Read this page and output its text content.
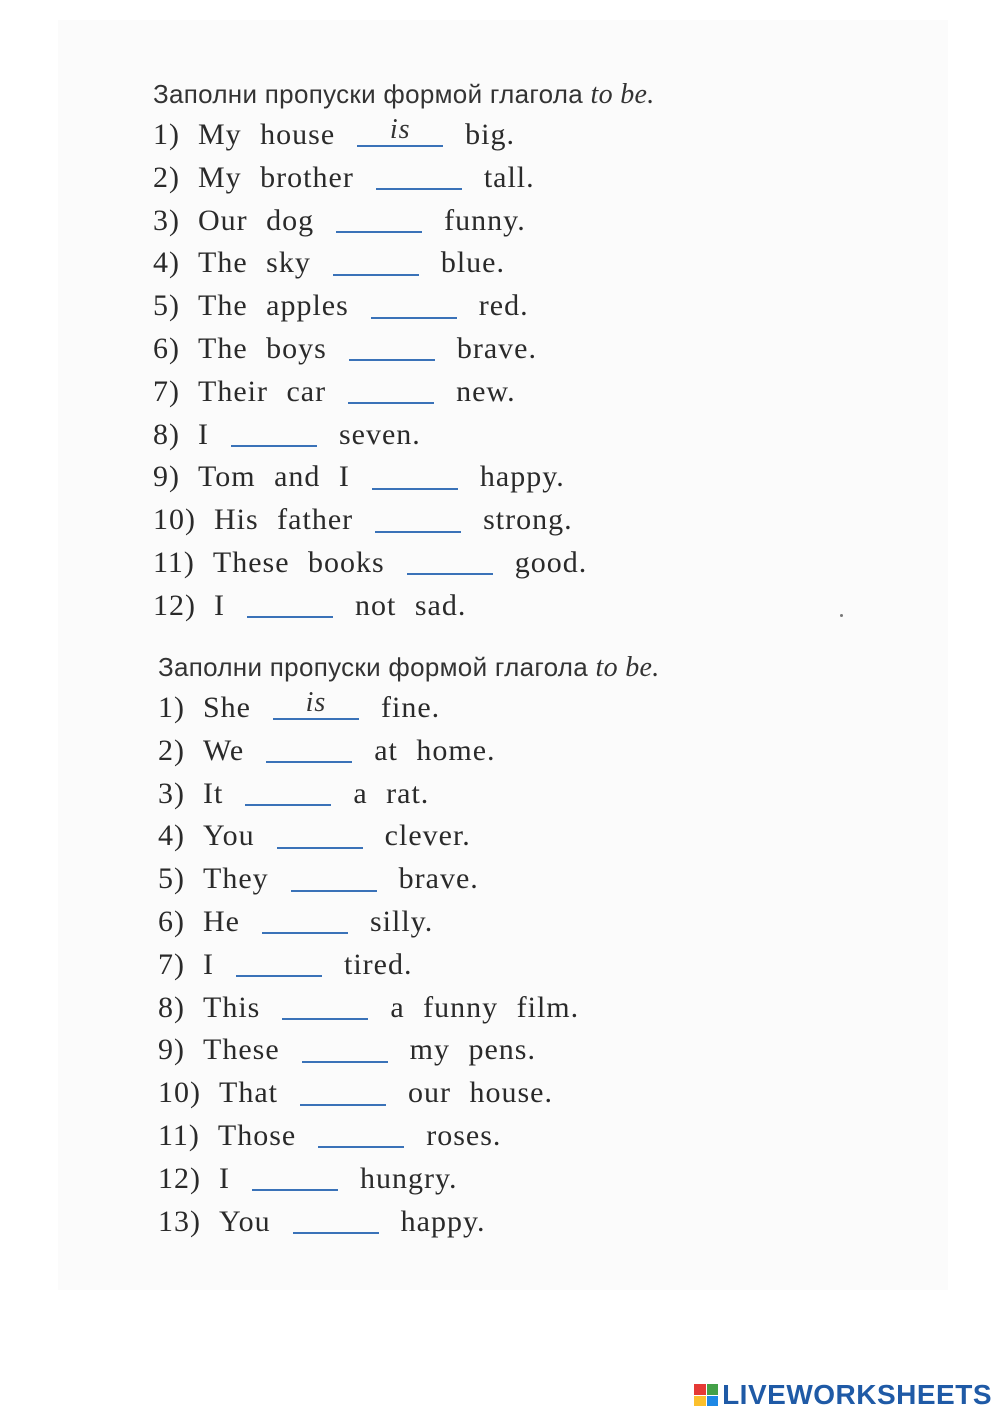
Заполни пропуски формой глагола to be.
1) My house	is	big.
2) My brother	tall.
3) Our dog	funny.
4) The sky	blue.
5) The apples	red.
6) The boys	brave.
7) Their car	new.
8) I	seven.
9) Tom and I	happy.
10) His father	strong.
11) These books	good.
12) I	not sad.
Заполни пропуски формой глагола to be.
1) She	is	fine.
2) We	at home.
3) It	a rat.
4) You	clever.
5) They	brave.
6) He	silly.
7) I	tired.
8) This	a funny film.
9) These	my pens.
10) That	our house.
11) Those	roses.
12) I	hungry.
13) You	happy.
LIVEWORKSHEETS
